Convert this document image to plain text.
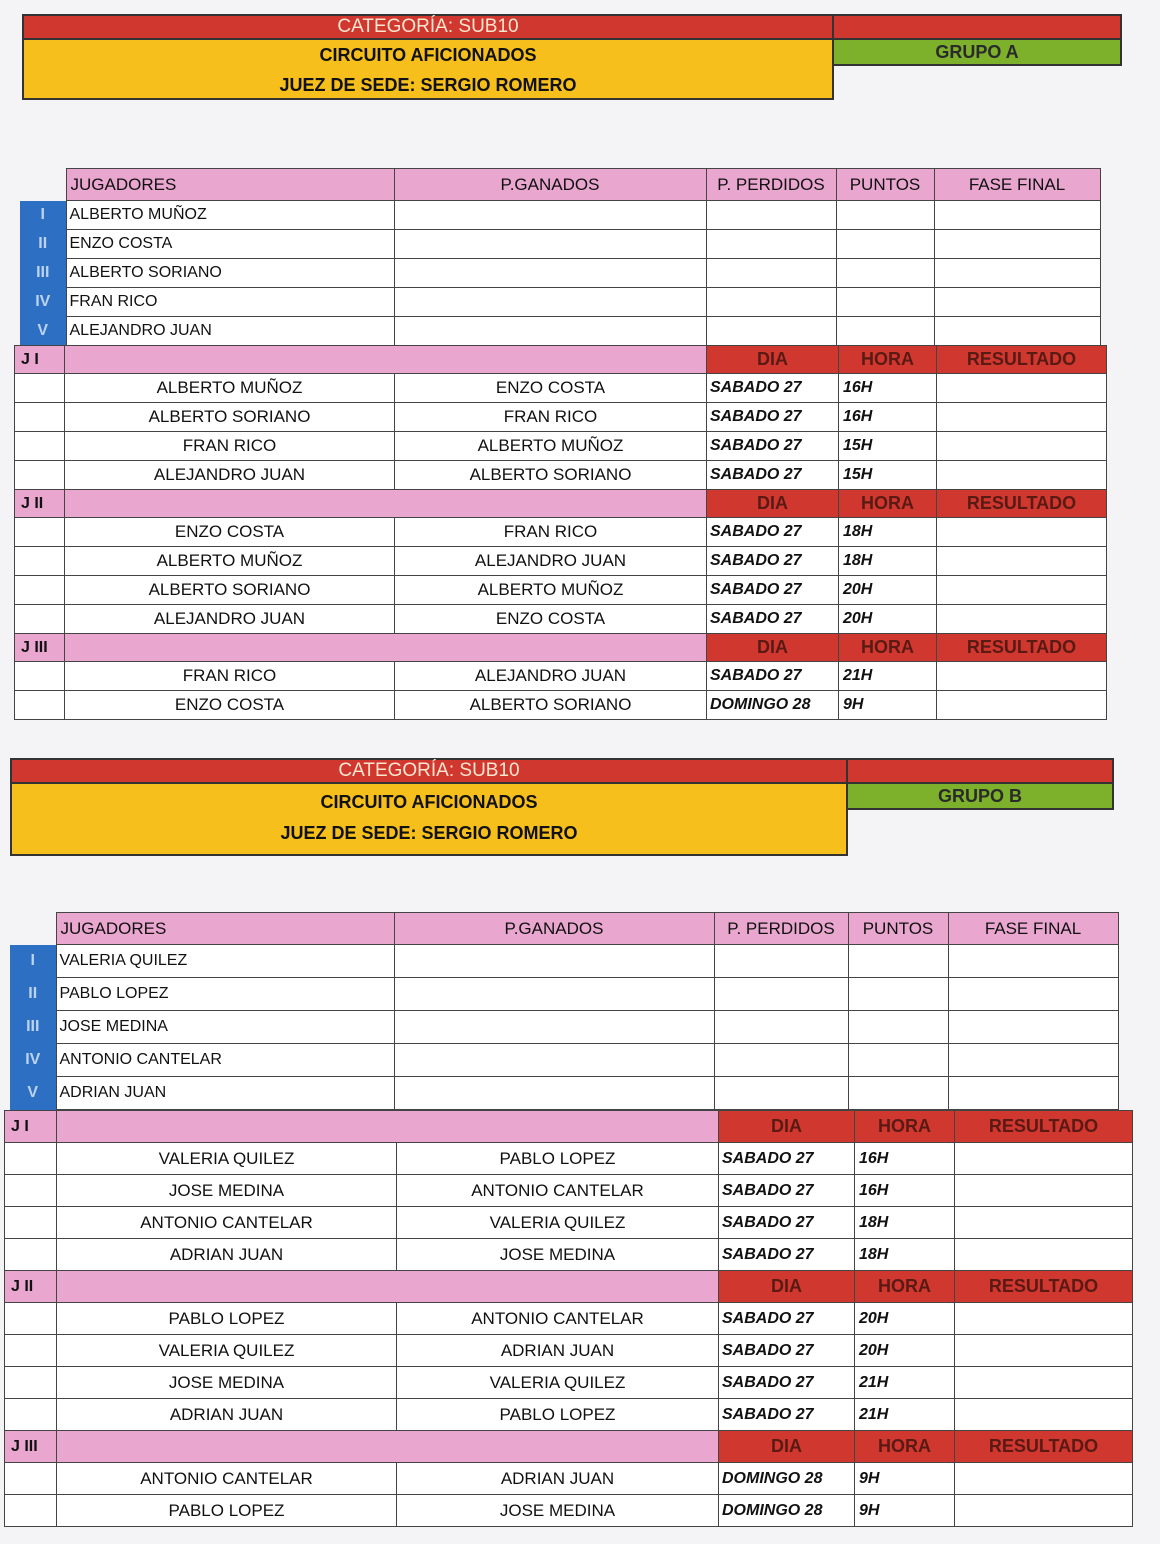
CATEGORÍA: SUB10
CIRCUITO AFICIONADOS
JUEZ DE SEDE: SERGIO ROMERO
GRUPO A
	JUGADORES	P.GANADOS	P. PERDIDOS	PUNTOS	FASE FINAL
I	ALBERTO MUÑOZ				
II	ENZO COSTA				
III	ALBERTO SORIANO				
IV	FRAN RICO				
V	ALEJANDRO JUAN				
J I			DIA	HORA	RESULTADO
	ALBERTO MUÑOZ	ENZO COSTA	SABADO 27	16H	
	ALBERTO SORIANO	FRAN RICO	SABADO 27	16H	
	FRAN RICO	ALBERTO MUÑOZ	SABADO 27	15H	
	ALEJANDRO JUAN	ALBERTO SORIANO	SABADO 27	15H	
J II			DIA	HORA	RESULTADO
	ENZO COSTA	FRAN RICO	SABADO 27	18H	
	ALBERTO MUÑOZ	ALEJANDRO JUAN	SABADO 27	18H	
	ALBERTO SORIANO	ALBERTO MUÑOZ	SABADO 27	20H	
	ALEJANDRO JUAN	ENZO COSTA	SABADO 27	20H	
J III			DIA	HORA	RESULTADO
	FRAN RICO	ALEJANDRO JUAN	SABADO 27	21H	
	ENZO COSTA	ALBERTO SORIANO	DOMINGO 28	9H	
CATEGORÍA: SUB10
CIRCUITO AFICIONADOS
JUEZ DE SEDE: SERGIO ROMERO
GRUPO B
	JUGADORES	P.GANADOS	P. PERDIDOS	PUNTOS	FASE FINAL
I	VALERIA QUILEZ				
II	PABLO LOPEZ				
III	JOSE MEDINA				
IV	ANTONIO CANTELAR				
V	ADRIAN JUAN				
J I			DIA	HORA	RESULTADO
	VALERIA QUILEZ	PABLO LOPEZ	SABADO 27	16H	
	JOSE MEDINA	ANTONIO CANTELAR	SABADO 27	16H	
	ANTONIO CANTELAR	VALERIA QUILEZ	SABADO 27	18H	
	ADRIAN JUAN	JOSE MEDINA	SABADO 27	18H	
J II			DIA	HORA	RESULTADO
	PABLO LOPEZ	ANTONIO CANTELAR	SABADO 27	20H	
	VALERIA QUILEZ	ADRIAN JUAN	SABADO 27	20H	
	JOSE MEDINA	VALERIA QUILEZ	SABADO 27	21H	
	ADRIAN JUAN	PABLO LOPEZ	SABADO 27	21H	
J III			DIA	HORA	RESULTADO
	ANTONIO CANTELAR	ADRIAN JUAN	DOMINGO 28	9H	
	PABLO LOPEZ	JOSE MEDINA	DOMINGO 28	9H	
